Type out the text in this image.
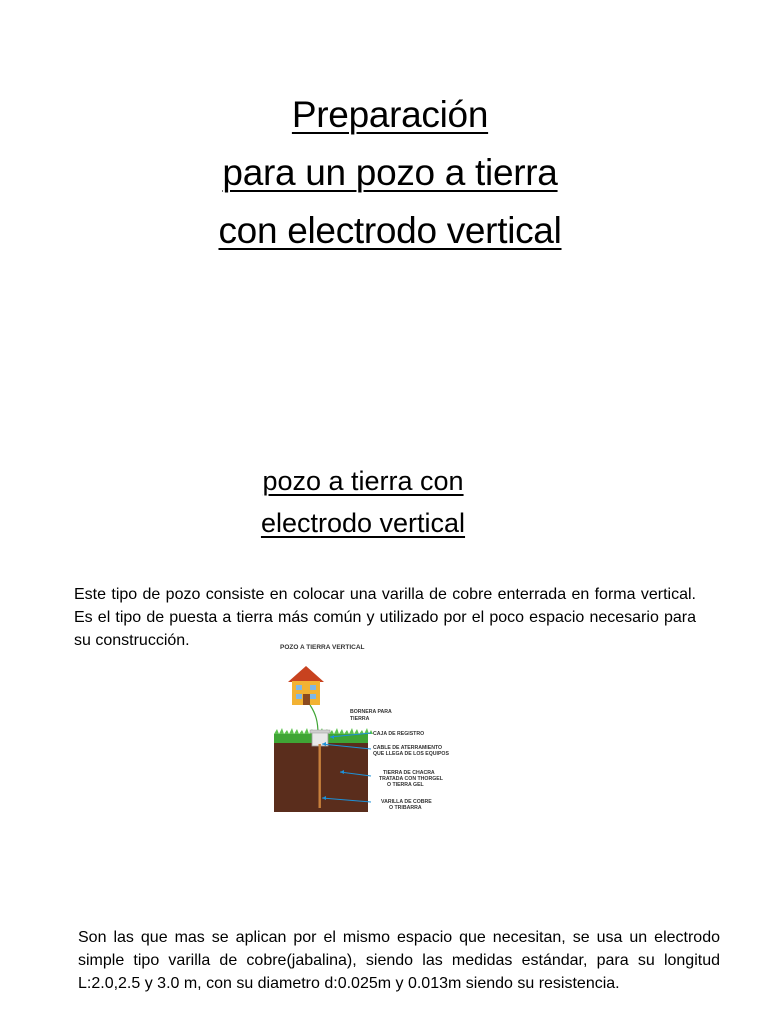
Preparación
para un pozo a tierra
con electrodo vertical
pozo a tierra con
electrodo vertical

Este tipo de pozo consiste en colocar una varilla de cobre enterrada en forma vertical. Es el tipo de puesta a tierra más común y utilizado por el poco espacio necesario para su construcción.	POZO A TIERRA VERTICAL
BORNERA PARA
TIERRA
CAJA DE REGISTRO
CABLE DE ATERRAMIENTO
QUE LLEGA DE LOS EQUIPOS
TIERRA DE CHACRA
TRATADA CON THORGEL
O TIERRA GEL
VARILLA DE COBRE
O TRIBARRA

Son las que mas se aplican por el mismo espacio que necesitan, se usa un electrodo simple tipo varilla de cobre(jabalina), siendo las medidas estándar, para su longitud L:2.0,2.5 y 3.0 m, con su diametro d:0.025m y 0.013m siendo su resistencia.
